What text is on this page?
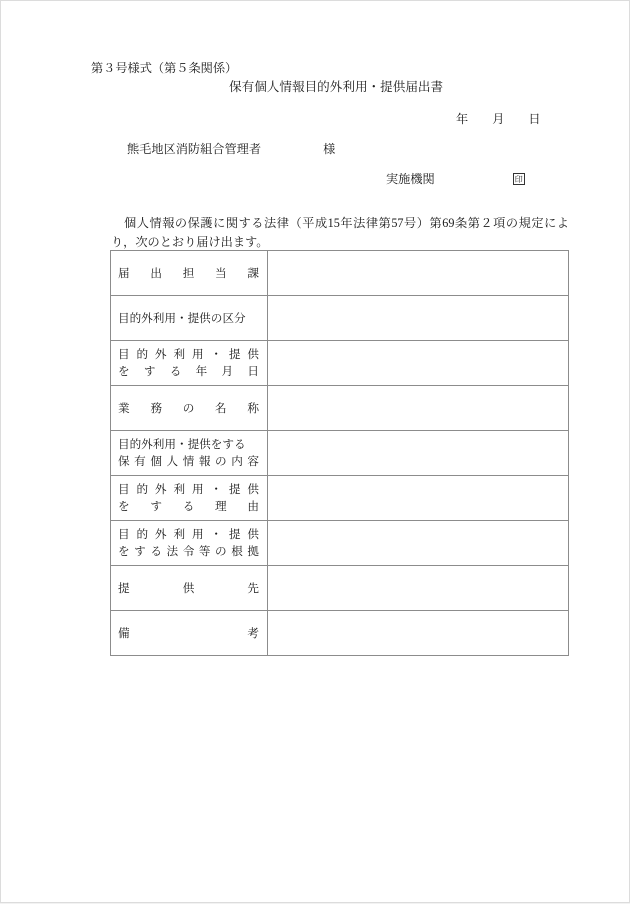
第３号様式（第５条関係）
保有個人情報目的外利用・提供届出書
年 月 日
熊毛地区消防組合管理者	様
実施機関	印
個人情報の保護に関する法律（平成15年法律第57号）第69条第２項の規定により，次のとおり届け出ます。
届 出 担 当 課	

目的外利用・提供の区分	

目 的 外 利 用 ・ 提 供
を す る 年 月 日

業 務 の 名 称	

目的外利用・提供をする
保 有 個 人 情 報 の 内 容

目 的 外 利 用 ・ 提 供
を す る 理 由

目 的 外 利 用 ・ 提 供
を す る 法 令 等 の 根 拠

提 供 先	

備 考	
